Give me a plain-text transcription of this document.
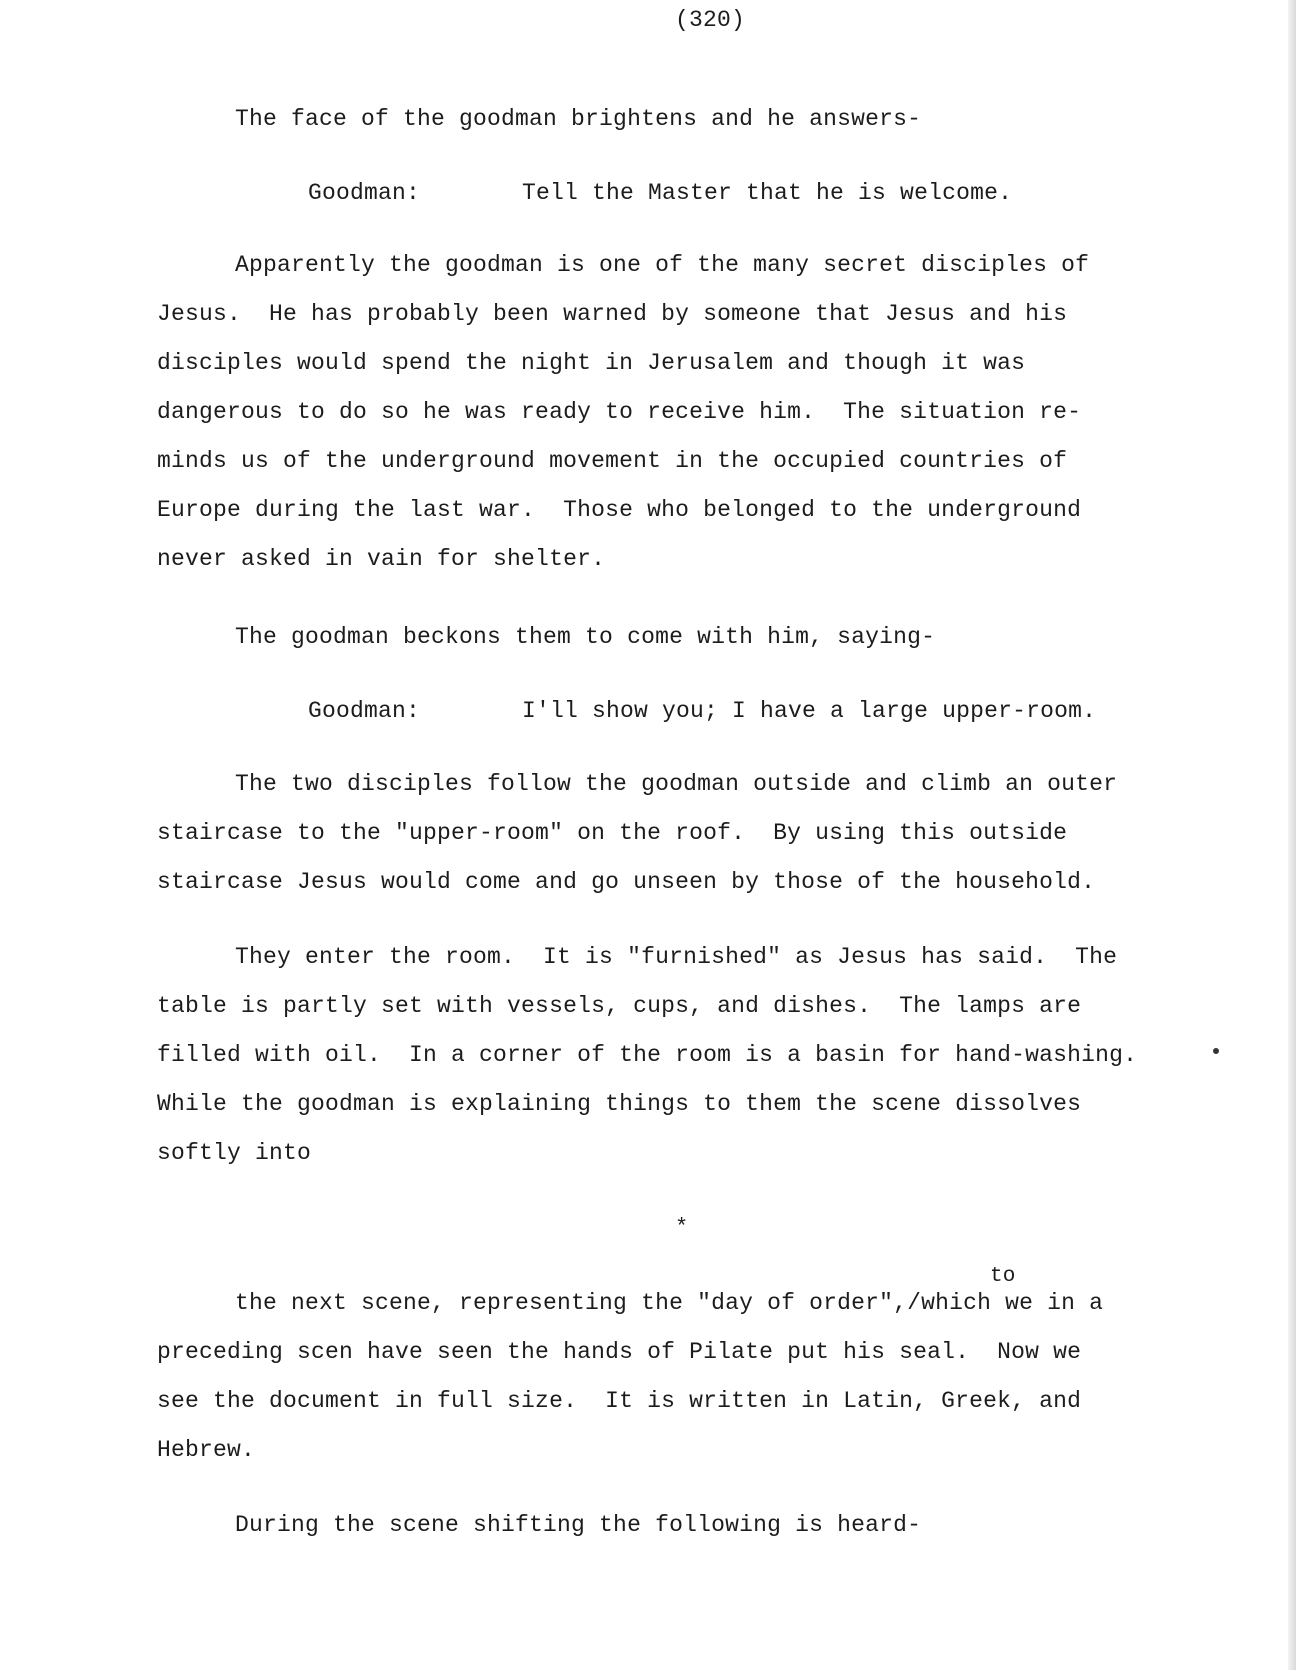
(320)
The face of the goodman brightens and he answers-
Goodman:	Tell the Master that he is welcome.
Apparently the goodman is one of the many secret disciples of
Jesus.  He has probably been warned by someone that Jesus and his
disciples would spend the night in Jerusalem and though it was
dangerous to do so he was ready to receive him.  The situation re-
minds us of the underground movement in the occupied countries of
Europe during the last war.  Those who belonged to the underground
never asked in vain for shelter.
The goodman beckons them to come with him, saying-
Goodman:	I'll show you; I have a large upper-room.
The two disciples follow the goodman outside and climb an outer
staircase to the "upper-room" on the roof.  By using this outside
staircase Jesus would come and go unseen by those of the household.
They enter the room.  It is "furnished" as Jesus has said.  The
table is partly set with vessels, cups, and dishes.  The lamps are
filled with oil.  In a corner of the room is a basin for hand-washing.
While the goodman is explaining things to them the scene dissolves
softly into
*
to
the next scene, representing the "day of order",/which we in a
preceding scen have seen the hands of Pilate put his seal.  Now we
see the document in full size.  It is written in Latin, Greek, and
Hebrew.
During the scene shifting the following is heard-
